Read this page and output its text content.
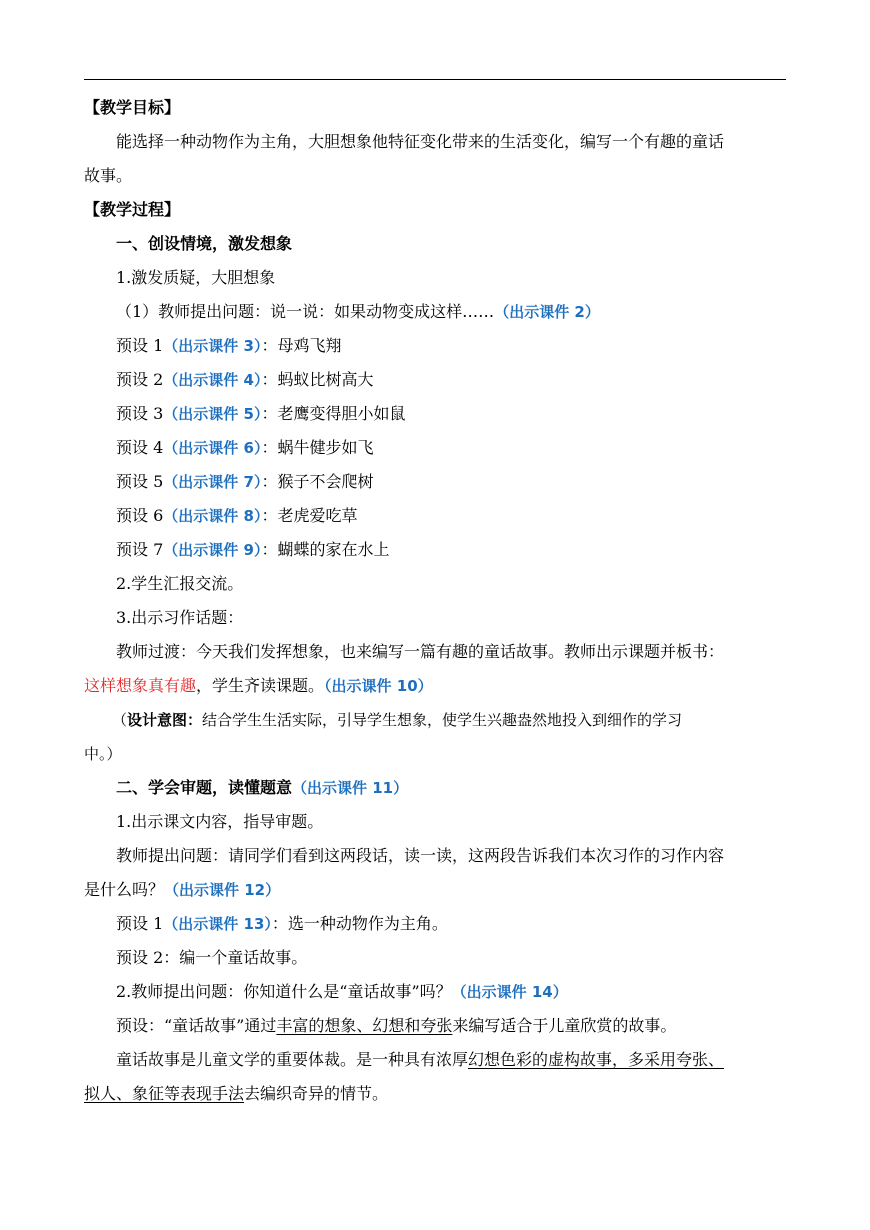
【教学目标】
能选择一种动物作为主角，大胆想象他特征变化带来的生活变化，编写一个有趣的童话
故事。
【教学过程】
一、创设情境，激发想象
1.激发质疑，大胆想象
（1）教师提出问题：说一说：如果动物变成这样……（出示课件 2）
预设 1（出示课件 3）：母鸡飞翔
预设 2（出示课件 4）：蚂蚁比树高大
预设 3（出示课件 5）：老鹰变得胆小如鼠
预设 4（出示课件 6）：蜗牛健步如飞
预设 5（出示课件 7）：猴子不会爬树
预设 6（出示课件 8）：老虎爱吃草
预设 7（出示课件 9）：蝴蝶的家在水上
2.学生汇报交流。
3.出示习作话题：
教师过渡：今天我们发挥想象，也来编写一篇有趣的童话故事。教师出示课题并板书：
这样想象真有趣，学生齐读课题。（出示课件 10）
（设计意图：结合学生生活实际，引导学生想象，使学生兴趣盎然地投入到细作的学习
中。）
二、学会审题，读懂题意（出示课件 11）
1.出示课文内容，指导审题。
教师提出问题：请同学们看到这两段话，读一读，这两段告诉我们本次习作的习作内容
是什么吗？（出示课件 12）
预设 1（出示课件 13）：选一种动物作为主角。
预设 2：编一个童话故事。
2.教师提出问题：你知道什么是“童话故事”吗？（出示课件 14）
预设：“童话故事”通过丰富的想象、幻想和夸张来编写适合于儿童欣赏的故事。
童话故事是儿童文学的重要体裁。是一种具有浓厚幻想色彩的虚构故事，多采用夸张、
拟人、象征等表现手法去编织奇异的情节。
